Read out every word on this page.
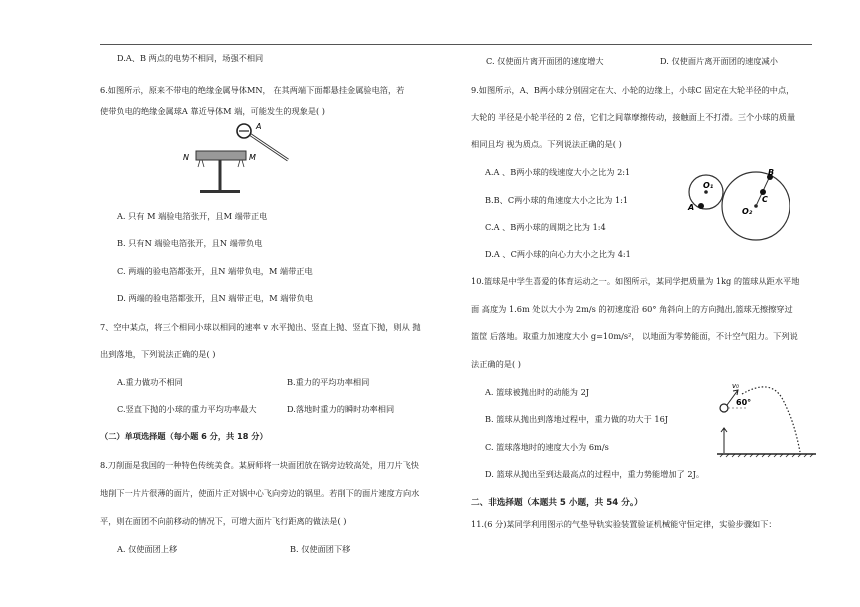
D.A、B 两点的电势不相同，场强不相同
6.如图所示，原来不带电的绝缘金属导体MN， 在其两端下面都悬挂金属验电箔，若
使带负电的绝缘金属球A 靠近导体M 端，可能发生的现象是( )
A
N	M
A. 只有 M 端验电箔张开，且M 端带正电
B. 只有N 端验电箔张开，且N 端带负电
C. 两端的验电箔都张开，且N 端带负电，M 端带正电
D. 两端的验电箔都张开，且N 端带正电，M 端带负电
7、空中某点，将三个相同小球以相同的速率 v 水平抛出、竖直上抛、竖直下抛，则从 抛
出到落地，下列说法正确的是( )
A.重力做功不相同	B.重力的平均功率相同
C.竖直下抛的小球的重力平均功率最大	D.落地时重力的瞬时功率相同
（二）单项选择题（每小题 6 分，共 18 分）
8.刀削面是我国的一种特色传统美食。某厨师将一块面团放在锅旁边较高处，用刀片飞快
地削下一片片很薄的面片，使面片正对锅中心飞向旁边的锅里。若削下的面片速度方向水
平，则在面团不向前移动的情况下，可增大面片飞行距离的做法是( )
A. 仅使面团上移	B. 仅使面团下移
C. 仅使面片离开面团的速度增大	D. 仅使面片离开面团的速度减小
9.如图所示，A、B两小球分别固定在大、小轮的边缘上，小球C 固定在大轮半径的中点，
大轮的 半径是小轮半径的 2 倍，它们之间靠摩擦传动，接触面上不打滑。三个小球的质量
相同且均 视为质点。下列说法正确的是( )
A.A 、B两小球的线速度大小之比为 2:1
B.B、C两小球的角速度大小之比为 1:1
C.A 、B两小球的周期之比为 1:4
D.A 、C两小球的向心力大小之比为 4:1
O₁
A
B
C
O₂
10.篮球是中学生喜爱的体育运动之一。如图所示，某同学把质量为 1kg 的篮球从距水平地
面 高度为 1.6m 处以大小为 2m/s 的初速度沿 60° 角斜向上的方向抛出,篮球无擦擦穿过
篮筐 后落地。取重力加速度大小 g=10m/s²， 以地面为零势能面，不计空气阻力。下列说
法正确的是( )
A. 篮球被抛出时的动能为 2J
B. 篮球从抛出到落地过程中，重力做的功大于 16J
C. 篮球落地时的速度大小为 6m/s
D. 篮球从抛出至到达最高点的过程中，重力势能增加了 2J。
v₀
60°
二、非选择题（本题共 5 小题，共 54 分。）
11.(6 分)某同学利用图示的气垫导轨实验装置验证机械能守恒定律，实验步骤如下：
